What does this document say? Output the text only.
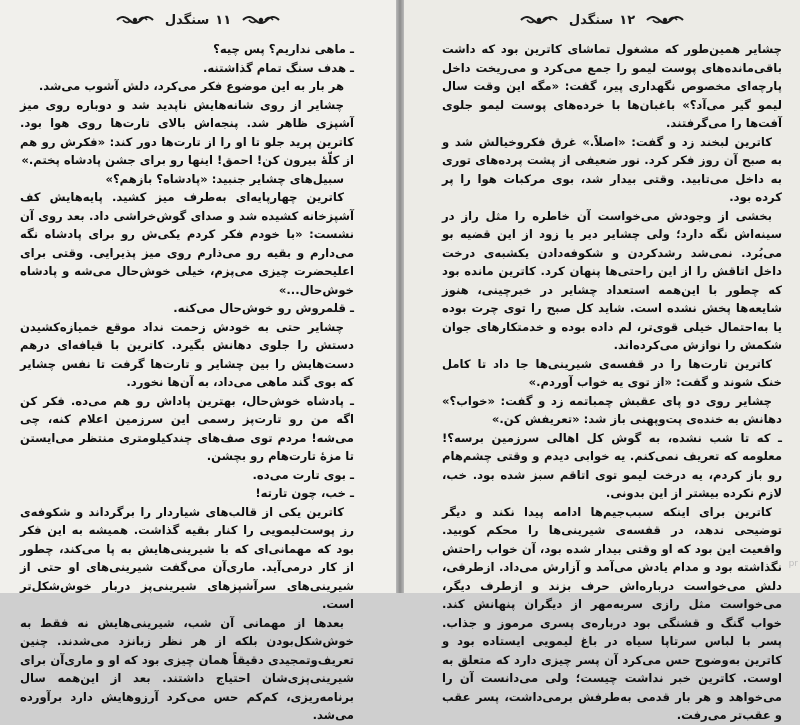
۱۱
سنگدل

ـ ماهی نداریم؟ پس چیه؟

ـ هدف سنگ تمام گذاشتنه.

هر بار به این موضوع فکر می‌کرد، دلش آشوب می‌شد.

چشایر از روی شانه‌هایش ناپدید شد و دوباره روی میز آشپزی ظاهر شد. پنجه‌اش بالای تارت‌ها روی هوا بود. کاترین پرید جلو تا او را از تارت‌ها دور کند: «فکرش رو هم از کلّهٔ بیرون کن! احمق! اینها رو برای جشن پادشاه پختم.»

سبیل‌های چشایر جنبید: «پادشاه؟ بازهم؟»

کاترین چهارپایه‌ای به‌طرف میز کشید. پایه‌هایش کف آشپزخانه کشیده شد و صدای گوش‌خراشی داد. بعد روی آن نشست: «با خودم فکر کردم یکی‌ش رو برای پادشاه نگه می‌دارم و بقیه رو می‌ذارم روی میز پذیرایی. وقتی برای اعلیحضرت چیزی می‌پزم، خیلی خوش‌حال می‌شه و پادشاه خوش‌حال...»

ـ قلمروش رو خوش‌حال می‌کنه.

چشایر حتی به خودش زحمت نداد موقع خمیازه‌کشیدن دستش را جلوی دهانش بگیرد. کاترین با قیافه‌ای درهم دست‌هایش را بین چشایر و تارت‌ها گرفت تا نفس چشایر که بوی گند ماهی می‌داد، به آن‌ها نخورد.

ـ پادشاه خوش‌حال، بهترین پاداش رو هم می‌ده. فکر کن اگه من رو تارت‌پز رسمی این سرزمین اعلام کنه، چی می‌شه! مردم توی صف‌های چندکیلومتری منتظر می‌ایستن تا مزهٔ تارت‌هام رو بچشن.

ـ بوی تارت می‌ده.

ـ خب، چون تارته!

کاترین یکی از قالب‌های شیاردار را برگرداند و شکوفه‌ی رز پوست‌لیمویی را کنار بقیه گذاشت. همیشه به این فکر بود که مهمانی‌ای که با شیرینی‌هایش به پا می‌کند، چطور از کار درمی‌آید. ماری‌آن می‌گفت شیرینی‌های او حتی از شیرینی‌های سرآشپزهای شیرینی‌پز دربار خوش‌شکل‌تر است.

بعدها از مهمانی آن شب، شیرینی‌هایش نه فقط به خوش‌شکل‌بودن بلکه از هر نظر زبانزد می‌شدند. چنین تعریف‌وتمجیدی دقیقاً همان چیزی بود که او و ماری‌آن برای شیرینی‌پزی‌شان احتیاج داشتند. بعد از این‌همه سال برنامه‌ریزی، کم‌کم حس می‌کرد آرزوهایش دارد برآورده می‌شد.

۱۲
سنگدل

چشایر همین‌طور که مشغول تماشای کاترین بود که داشت باقی‌مانده‌های پوست لیمو را جمع می‌کرد و می‌ریخت داخل پارچه‌ای مخصوص نگهداری پیر، گفت: «مگه این وقت سال لیمو گیر می‌آد؟» باغبان‌ها با خرده‌های پوست لیمو جلوی آفت‌ها را می‌گرفتند.

کاترین لبخند زد و گفت: «اصلاً.» غرق فکروخیالش شد و به صبح آن روز فکر کرد. نور ضعیفی از پشت پرده‌های توری به داخل می‌تابید. وقتی بیدار شد، بوی مرکبات هوا را پر کرده بود.

بخشی از وجودش می‌خواست آن خاطره را مثل راز در سینه‌اش نگه دارد؛ ولی چشایر دیر یا زود از این قضیه بو می‌بُرد. نمی‌شد رشدکردن و شکوفه‌دادن یکشبه‌ی درخت داخل اتاقش را از این راحتی‌ها پنهان کرد. کاترین مانده بود که چطور با این‌همه استعداد چشایر در خبرچینی، هنوز شایعه‌ها پخش نشده است. شاید کل صبح را توی چرت بوده یا به‌احتمال خیلی قوی‌تر، لم داده بوده و خدمتکارهای جوان شکمش را نوازش می‌کرده‌اند.

کاترین تارت‌ها را در قفسه‌ی شیرینی‌ها جا داد تا کامل خنک شوند و گفت: «از توی یه خواب آوردم.»

چشایر روی دو پای عقبش چمباتمه زد و گفت: «خواب؟» دهانش به خنده‌ی پت‌وپهنی باز شد: «تعریفش کن.»

ـ که تا شب نشده، به گوش کل اهالی سرزمین برسه؟! معلومه که تعریف نمی‌کنم. یه خوابی دیدم و وقتی چشم‌هام رو باز کردم، یه درخت لیمو توی اتاقم سبز شده بود. خب، لازم نکرده بیشتر از این بدونی.

کاترین برای اینکه سبب‌جیم‌ها ادامه پیدا نکند و دیگر توضیحی ندهد، در قفسه‌ی شیرینی‌ها را محکم کوبید. واقعیت این بود که او وقتی بیدار شده بود، آن خواب راحتش نگذاشته بود و مدام یادش می‌آمد و آزارش می‌داد. ازطرفی، دلش می‌خواست درباره‌اش حرف بزند و ازطرف دیگر، می‌خواست مثل رازی سربه‌مهر از دیگران پنهانش کند. خواب گنگ و قشنگی بود درباره‌ی پسری مرموز و جذاب. پسر با لباس سرتاپا سیاه در باغ لیمویی ایستاده بود و کاترین به‌وضوح حس می‌کرد آن پسر چیزی دارد که متعلق به اوست. کاترین خبر نداشت چیست؛ ولی می‌دانست آن را می‌خواهد و هر بار قدمی به‌طرفش برمی‌داشت، پسر عقب و عقب‌تر می‌رفت.

pr
